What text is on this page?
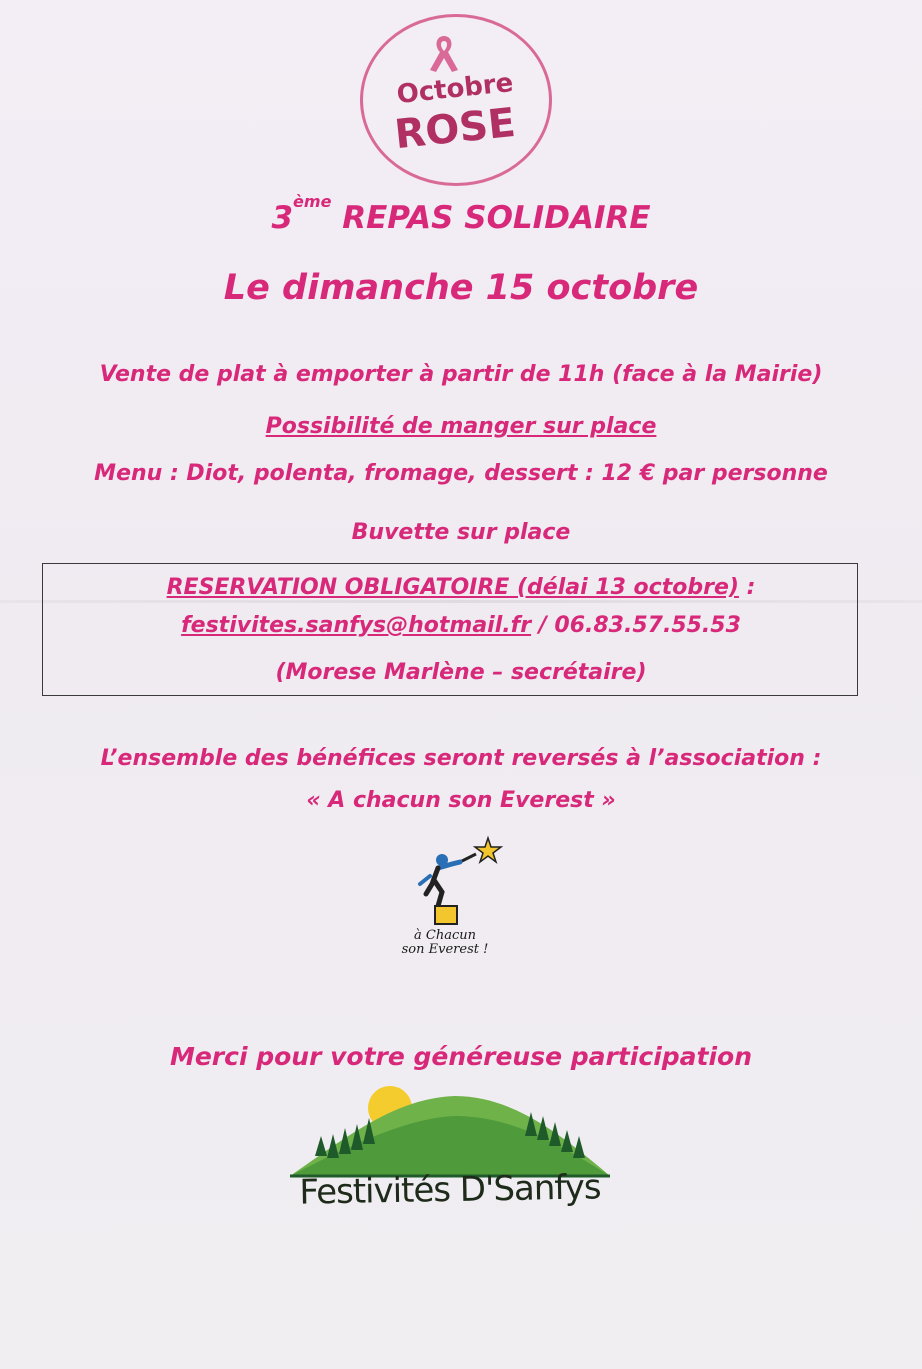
Octobre
ROSE
3ème REPAS SOLIDAIRE
Le dimanche 15 octobre
Vente de plat à emporter à partir de 11h (face à la Mairie)
Possibilité de manger sur place
Menu : Diot, polenta, fromage, dessert : 12 € par personne
Buvette sur place
RESERVATION OBLIGATOIRE (délai 13 octobre) :
festivites.sanfys@hotmail.fr / 06.83.57.55.53
(Morese Marlène – secrétaire)
L’ensemble des bénéfices seront reversés à l’association :
« A chacun son Everest »
à Chacun
son Everest !
Merci pour votre généreuse participation
Festivités D'Sanfys
